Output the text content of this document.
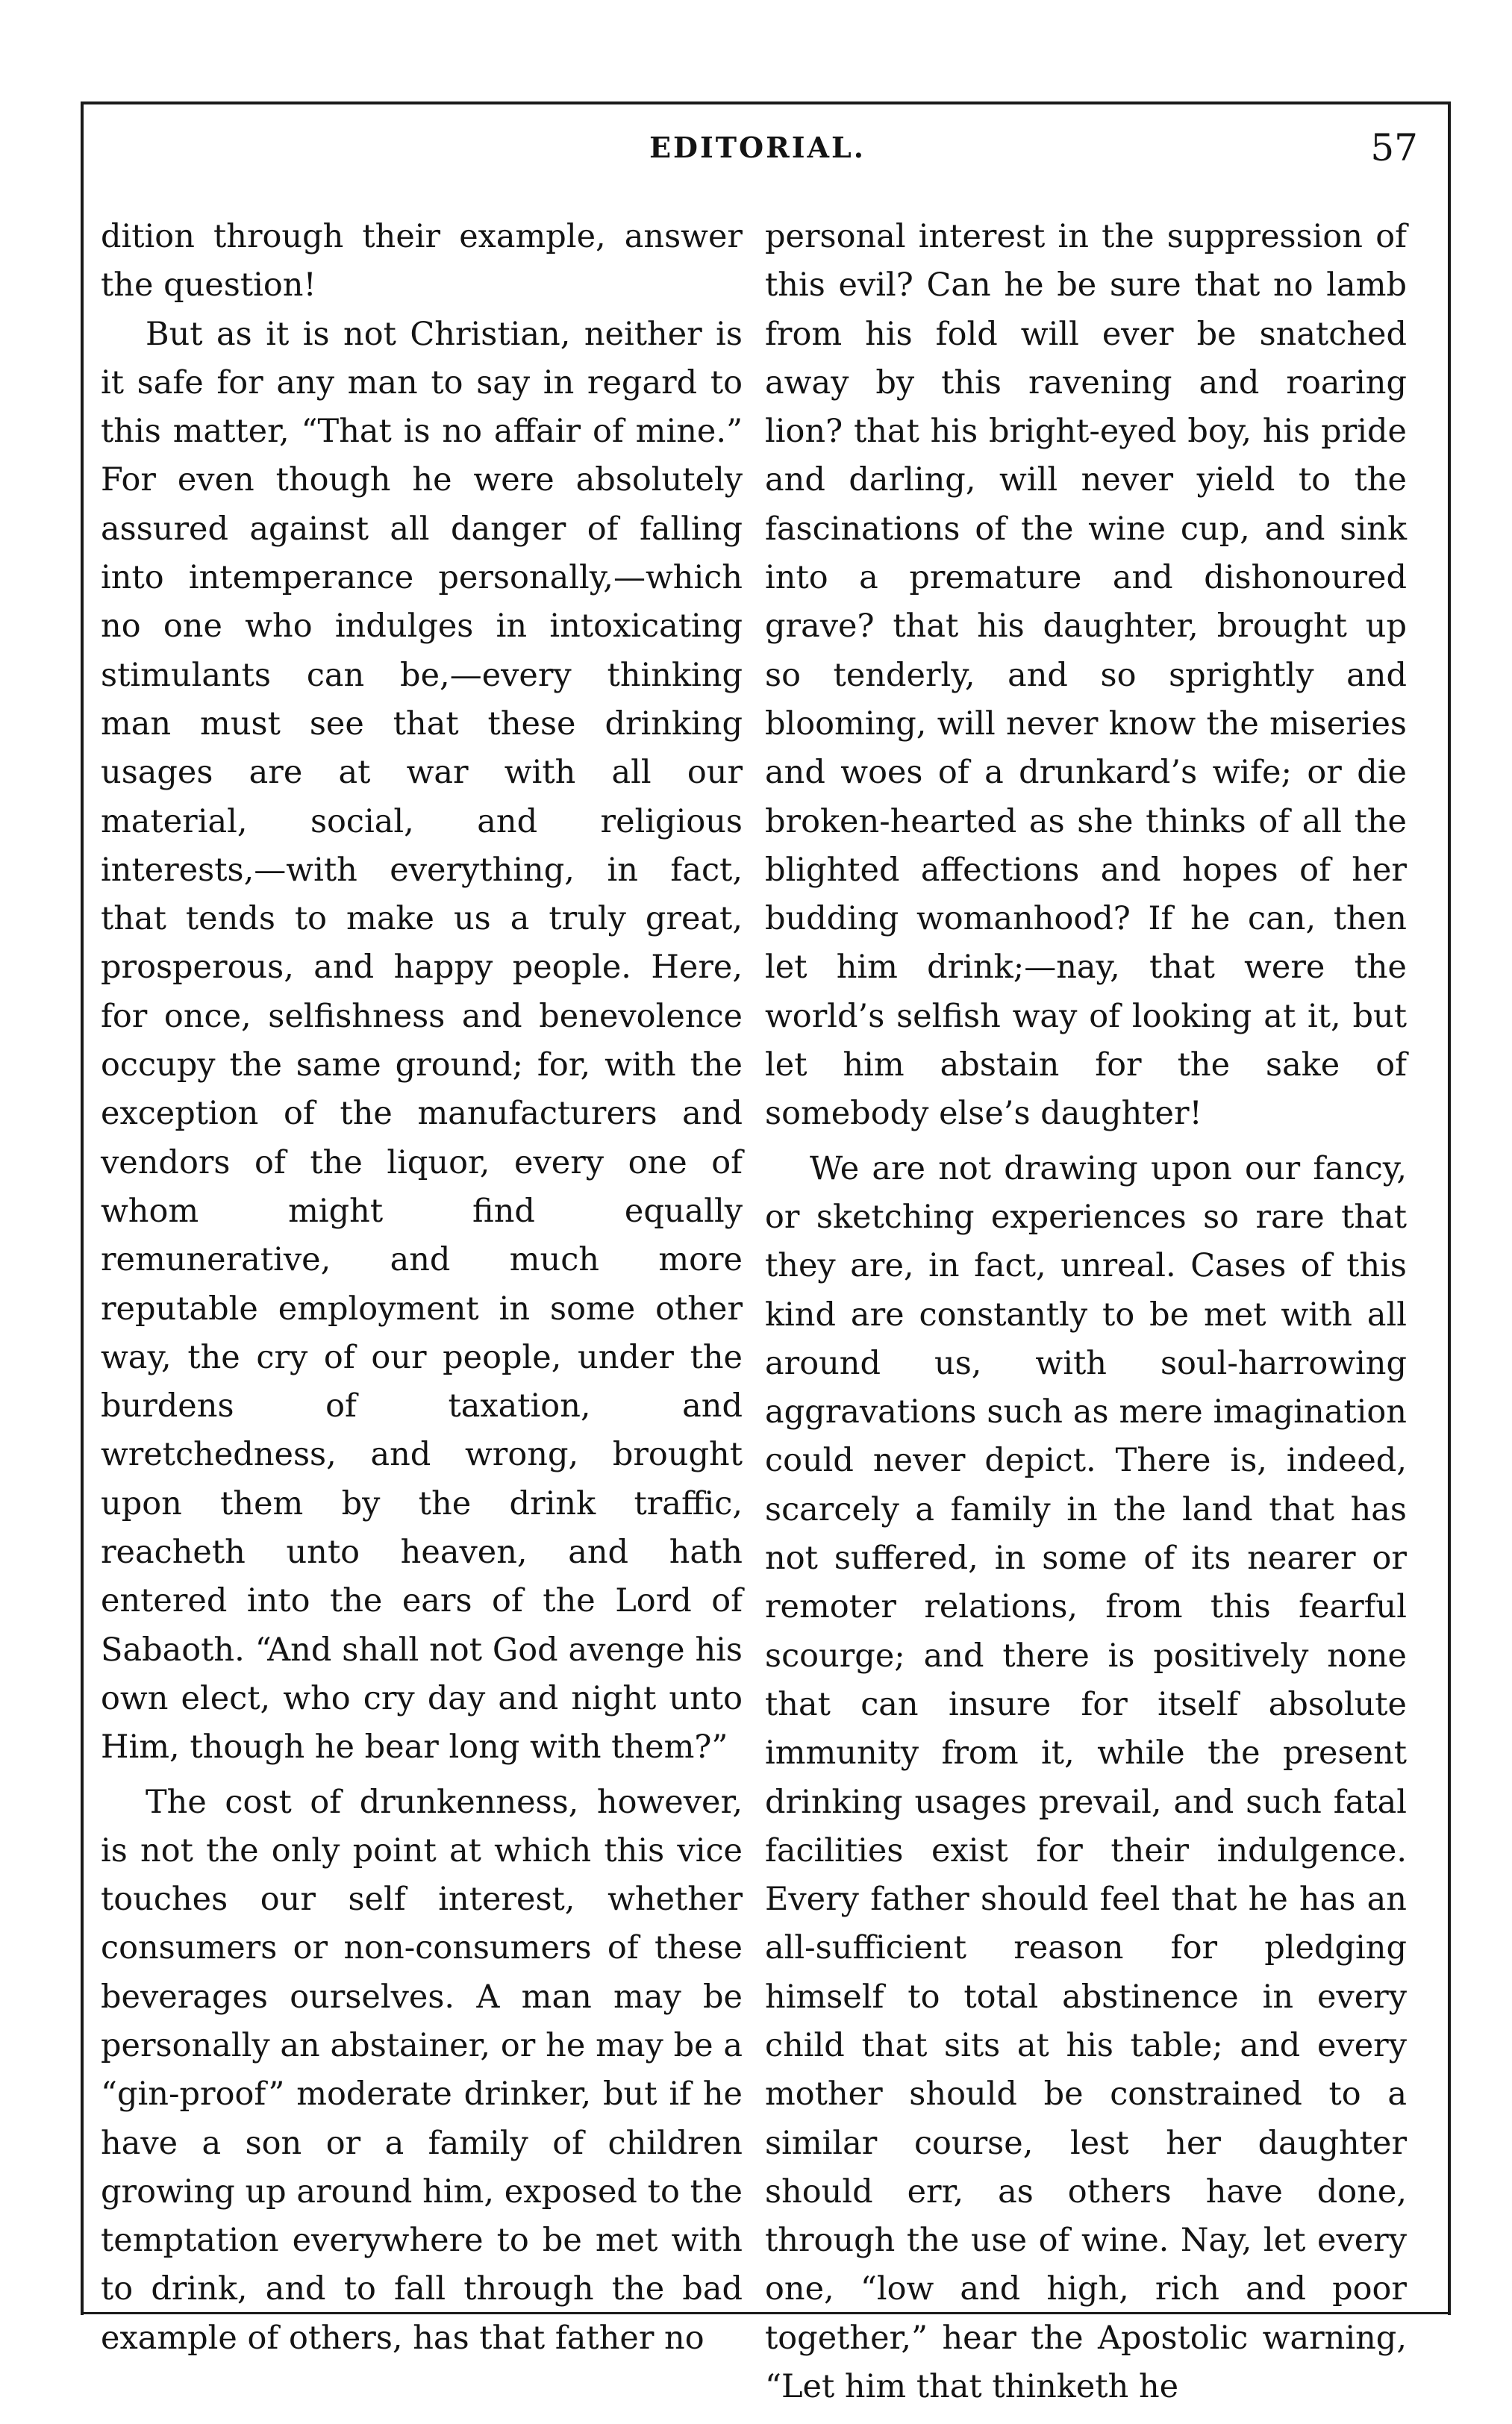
EDITORIAL.	57

dition through their example, answer the question!

But as it is not Christian, neither is it safe for any man to say in regard to this matter, “That is no affair of mine.” For even though he were absolutely assured against all danger of falling into intemperance personally,—which no one who indulges in intoxicating stimulants can be,—every thinking man must see that these drinking usages are at war with all our material, social, and religious interests,—with everything, in fact, that tends to make us a truly great, prosperous, and happy people. Here, for once, selfishness and benevolence occupy the same ground; for, with the exception of the manufacturers and vendors of the liquor, every one of whom might find equally remunerative, and much more reputable employment in some other way, the cry of our people, under the burdens of taxation, and wretchedness, and wrong, brought upon them by the drink traffic, reacheth unto heaven, and hath entered into the ears of the Lord of Sabaoth. “And shall not God avenge his own elect, who cry day and night unto Him, though he bear long with them?”

The cost of drunkenness, however, is not the only point at which this vice touches our self interest, whether consumers or non-consumers of these beverages ourselves. A man may be personally an abstainer, or he may be a “gin-proof” moderate drinker, but if he have a son or a family of children growing up around him, exposed to the temptation everywhere to be met with to drink, and to fall through the bad example of others, has that father no

personal interest in the suppression of this evil? Can he be sure that no lamb from his fold will ever be snatched away by this ravening and roaring lion? that his bright-eyed boy, his pride and darling, will never yield to the fascinations of the wine cup, and sink into a premature and dishonoured grave? that his daughter, brought up so tenderly, and so sprightly and blooming, will never know the miseries and woes of a drunkard’s wife; or die broken-hearted as she thinks of all the blighted affections and hopes of her budding womanhood? If he can, then let him drink;—nay, that were the world’s selfish way of looking at it, but let him abstain for the sake of somebody else’s daughter!

We are not drawing upon our fancy, or sketching experiences so rare that they are, in fact, unreal. Cases of this kind are constantly to be met with all around us, with soul-harrowing aggravations such as mere imagination could never depict. There is, indeed, scarcely a family in the land that has not suffered, in some of its nearer or remoter relations, from this fearful scourge; and there is positively none that can insure for itself absolute immunity from it, while the present drinking usages prevail, and such fatal facilities exist for their indulgence. Every father should feel that he has an all-sufficient reason for pledging himself to total abstinence in every child that sits at his table; and every mother should be constrained to a similar course, lest her daughter should err, as others have done, through the use of wine. Nay, let every one, “low and high, rich and poor together,” hear the Apostolic warning, “Let him that thinketh he
